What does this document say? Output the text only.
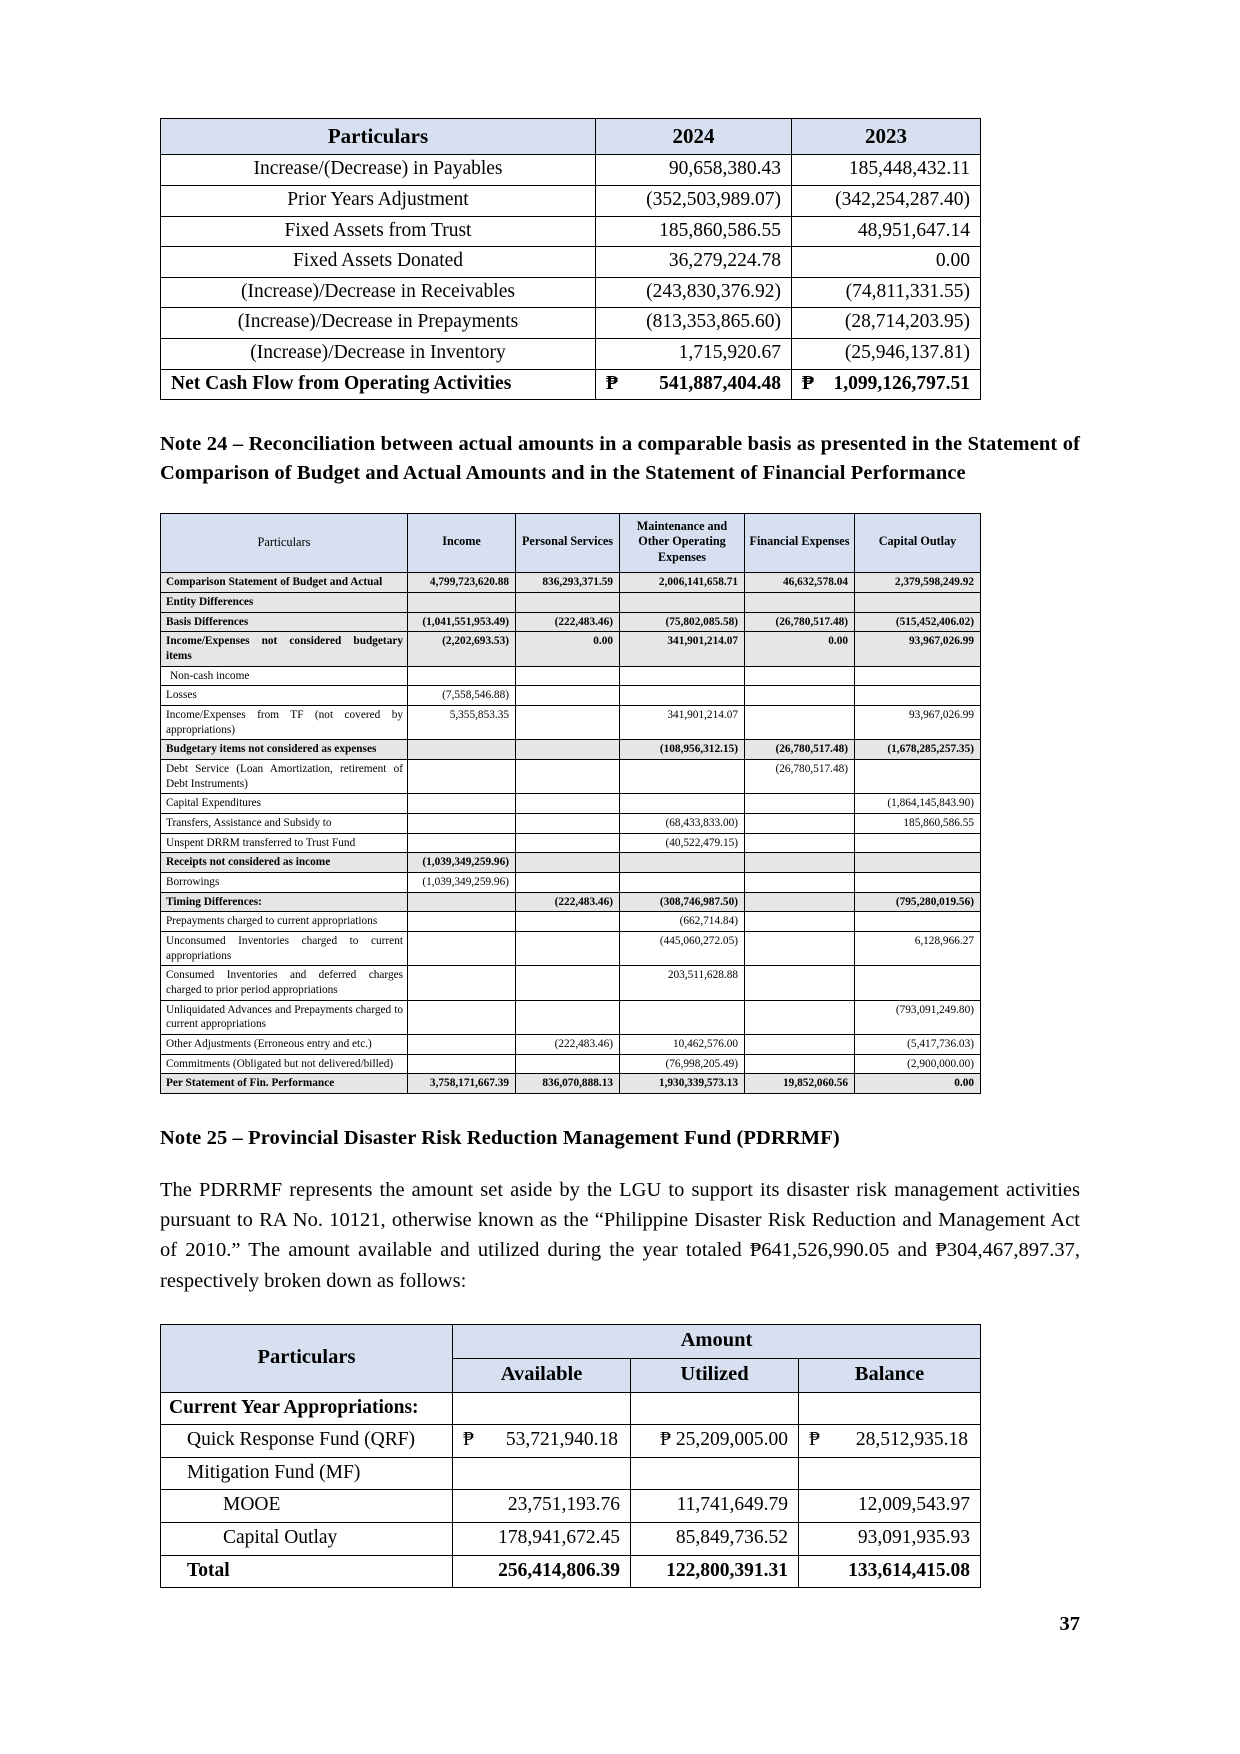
Particulars	2024	2023
Increase/(Decrease) in Payables	90,658,380.43	185,448,432.11
Prior Years Adjustment	(352,503,989.07)	(342,254,287.40)
Fixed Assets from Trust	185,860,586.55	48,951,647.14
Fixed Assets Donated	36,279,224.78	0.00
(Increase)/Decrease in Receivables	(243,830,376.92)	(74,811,331.55)
(Increase)/Decrease in Prepayments	(813,353,865.60)	(28,714,203.95)
(Increase)/Decrease in Inventory	1,715,920.67	(25,946,137.81)
Net Cash Flow from Operating Activities	₱ 541,887,404.48	₱ 1,099,126,797.51
Note 24 – Reconciliation between actual amounts in a comparable basis as presented in the Statement of Comparison of Budget and Actual Amounts and in the Statement of Financial Performance
Particulars	Income	Personal Services	Maintenance and Other Operating Expenses	Financial Expenses	Capital Outlay
Comparison Statement of Budget and Actual	4,799,723,620.88	836,293,371.59	2,006,141,658.71	46,632,578.04	2,379,598,249.92
Entity Differences					
Basis Differences	(1,041,551,953.49)	(222,483.46)	(75,802,085.58)	(26,780,517.48)	(515,452,406.02)
Income/Expenses not considered budgetary items	(2,202,693.53)	0.00	341,901,214.07	0.00	93,967,026.99
Non-cash income					
Losses	(7,558,546.88)				
Income/Expenses from TF (not covered by appropriations)	5,355,853.35		341,901,214.07		93,967,026.99
Budgetary items not considered as expenses			(108,956,312.15)	(26,780,517.48)	(1,678,285,257.35)
Debt Service (Loan Amortization, retirement of Debt Instruments)				(26,780,517.48)	
Capital Expenditures					(1,864,145,843.90)
Transfers, Assistance and Subsidy to			(68,433,833.00)		185,860,586.55
Unspent DRRM transferred to Trust Fund			(40,522,479.15)		
Receipts not considered as income	(1,039,349,259.96)				
Borrowings	(1,039,349,259.96)				
Timing Differences:		(222,483.46)	(308,746,987.50)		(795,280,019.56)
Prepayments charged to current appropriations			(662,714.84)		
Unconsumed Inventories charged to current appropriations			(445,060,272.05)		6,128,966.27
Consumed Inventories and deferred charges charged to prior period appropriations			203,511,628.88		
Unliquidated Advances and Prepayments charged to current appropriations					(793,091,249.80)
Other Adjustments (Erroneous entry and etc.)		(222,483.46)	10,462,576.00		(5,417,736.03)
Commitments (Obligated but not delivered/billed)			(76,998,205.49)		(2,900,000.00)
Per Statement of Fin. Performance	3,758,171,667.39	836,070,888.13	1,930,339,573.13	19,852,060.56	0.00
Note 25 – Provincial Disaster Risk Reduction Management Fund (PDRRMF)
The PDRRMF represents the amount set aside by the LGU to support its disaster risk management activities pursuant to RA No. 10121, otherwise known as the “Philippine Disaster Risk Reduction and Management Act of 2010.” The amount available and utilized during the year totaled ₱641,526,990.05 and ₱304,467,897.37, respectively broken down as follows:
Particulars	Amount		
	Available	Utilized	Balance
Current Year Appropriations:			
Quick Response Fund (QRF)	₱ 53,721,940.18	₱ 25,209,005.00	₱ 28,512,935.18

Mitigation Fund (MF)			
MOOE	23,751,193.76	11,741,649.79	12,009,543.97
Capital Outlay	178,941,672.45	85,849,736.52	93,091,935.93
Total	256,414,806.39	122,800,391.31	133,614,415.08
37
